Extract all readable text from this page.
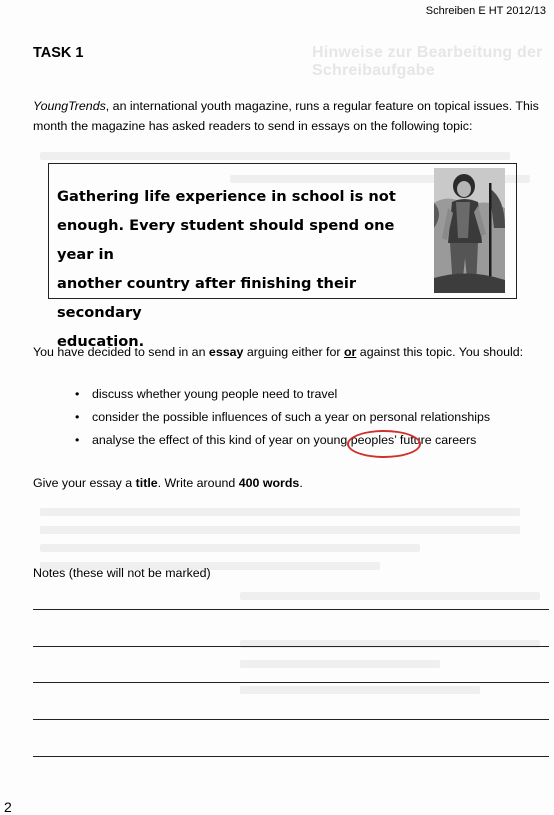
Hinweise zur Bearbeitung der Schreibaufgabe
Schreiben E HT 2012/13
TASK 1
YoungTrends, an international youth magazine, runs a regular feature on topical issues. This
month the magazine has asked readers to send in essays on the following topic:
Gathering life experience in school is not
enough. Every student should spend one year in
another country after finishing their secondary
education.
You have decided to send in an essay arguing either for or against this topic. You should:
• discuss whether young people need to travel
• consider the possible influences of such a year on personal relationships
• analyse the effect of this kind of year on young peoples’ future careers
Give your essay a title. Write around 400 words.
Notes (these will not be marked)
2
